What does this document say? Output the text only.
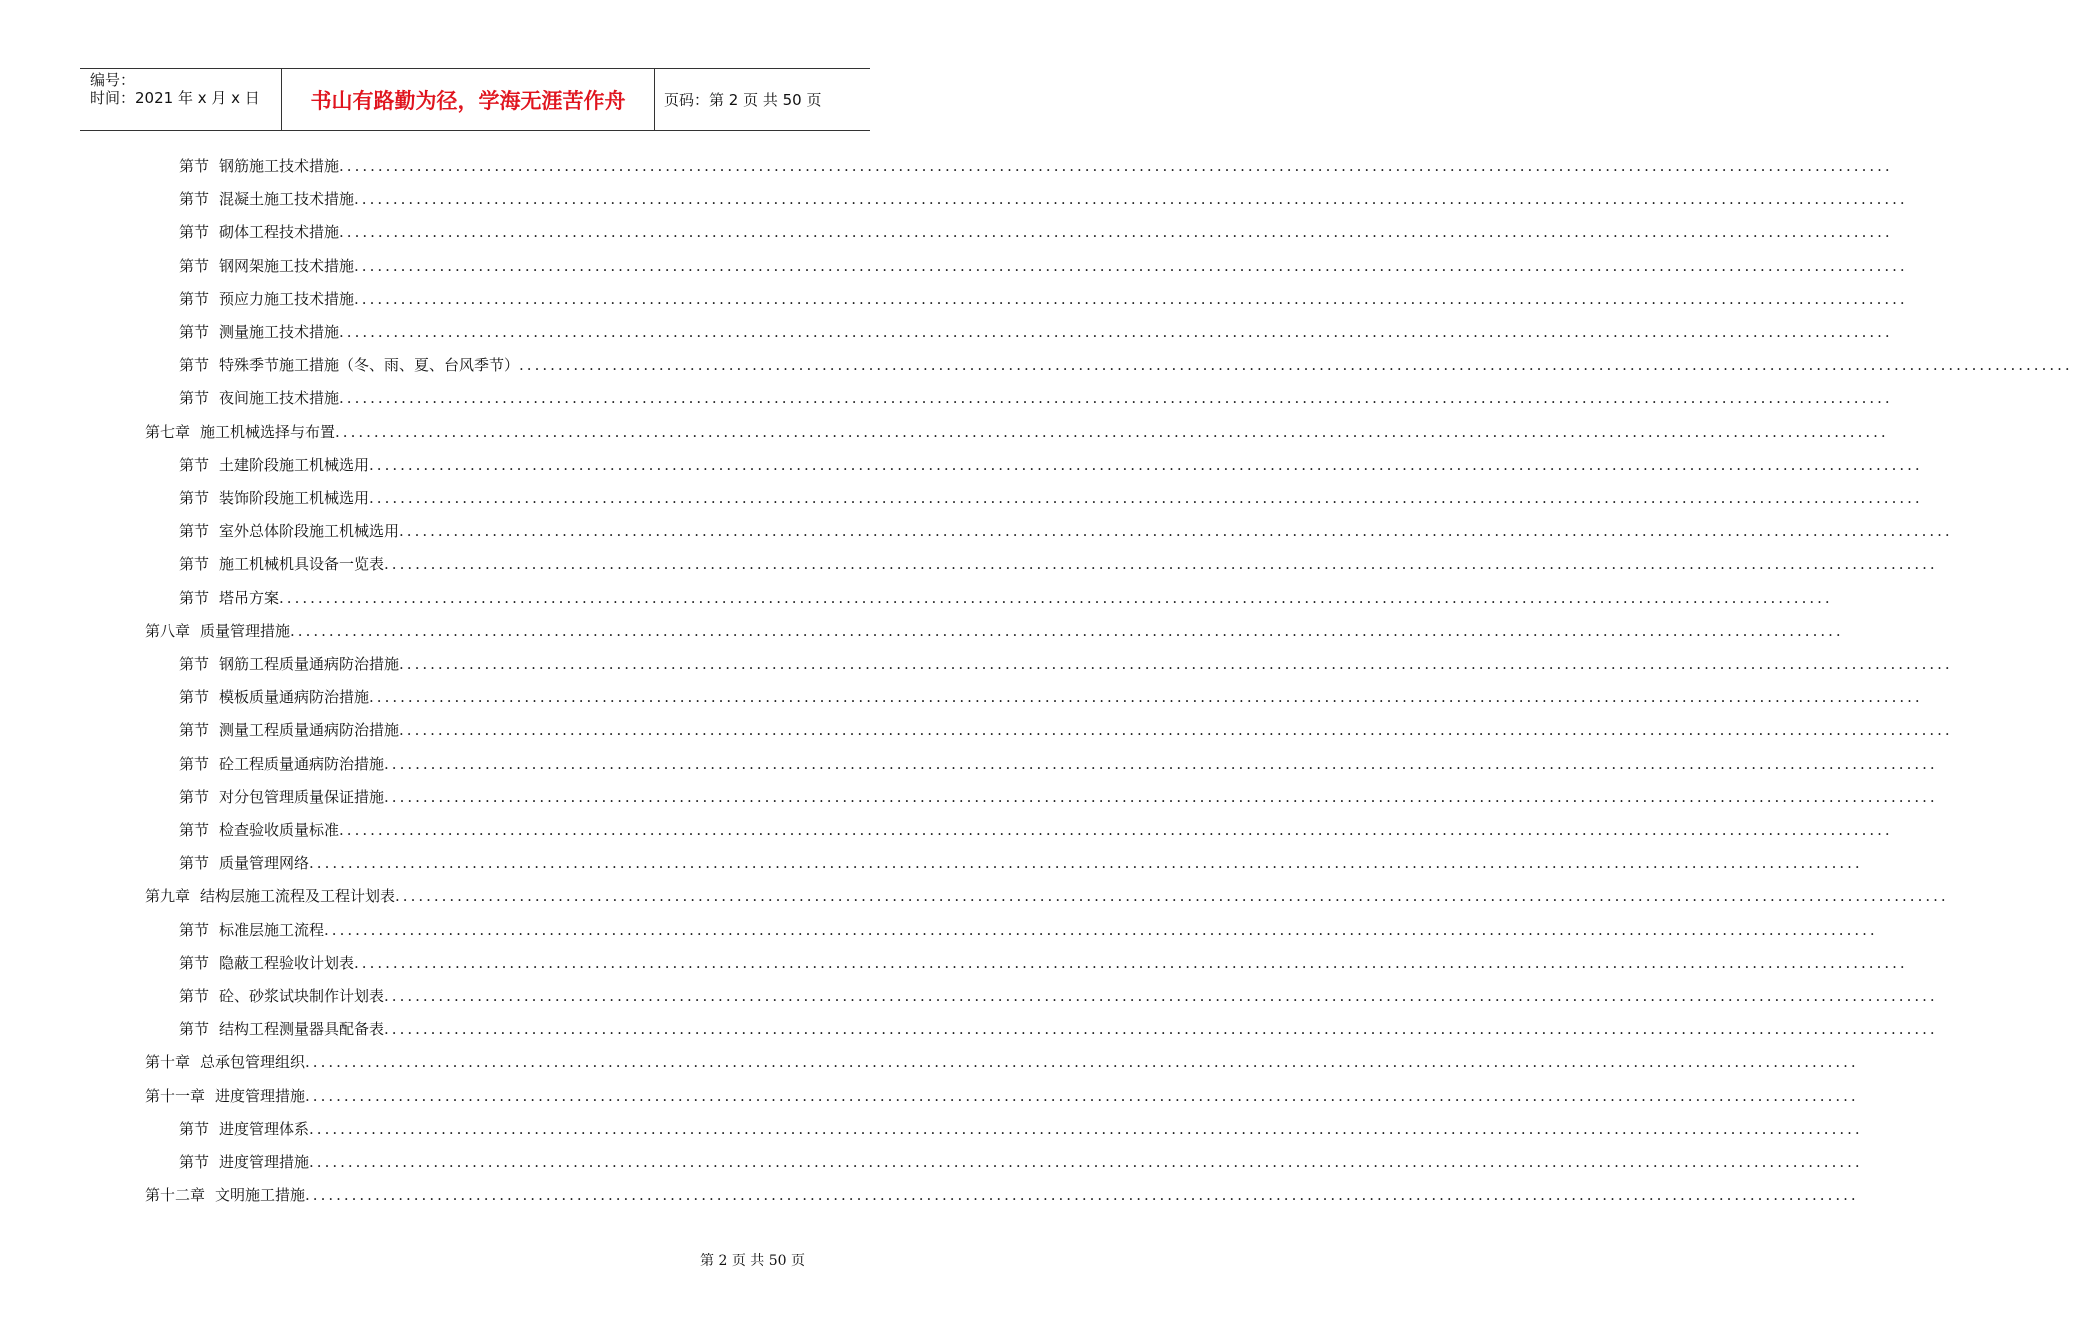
编号：
时间：2021 年 x 月 x 日	书山有路勤为径，学海无涯苦作舟	页码：第 2 页 共 50 页
第节 钢筋施工技术措施 ........................................................................................................................................................................................................
第节 混凝土施工技术措施 ........................................................................................................................................................................................................
第节 砌体工程技术措施 ........................................................................................................................................................................................................
第节 钢网架施工技术措施 ........................................................................................................................................................................................................
第节 预应力施工技术措施 ........................................................................................................................................................................................................
第节 测量施工技术措施 ........................................................................................................................................................................................................
第节 特殊季节施工措施（冬、雨、夏、台风季节） ........................................................................................................................................................................................................
第节 夜间施工技术措施 ........................................................................................................................................................................................................
第七章 施工机械选择与布置 ........................................................................................................................................................................................................
第节 土建阶段施工机械选用 ........................................................................................................................................................................................................
第节 装饰阶段施工机械选用 ........................................................................................................................................................................................................
第节 室外总体阶段施工机械选用 ........................................................................................................................................................................................................
第节 施工机械机具设备一览表 ........................................................................................................................................................................................................
第节 塔吊方案 ........................................................................................................................................................................................................
第八章 质量管理措施 ........................................................................................................................................................................................................
第节 钢筋工程质量通病防治措施 ........................................................................................................................................................................................................
第节 模板质量通病防治措施 ........................................................................................................................................................................................................
第节 测量工程质量通病防治措施 ........................................................................................................................................................................................................
第节 砼工程质量通病防治措施 ........................................................................................................................................................................................................
第节 对分包管理质量保证措施 ........................................................................................................................................................................................................
第节 检查验收质量标准 ........................................................................................................................................................................................................
第节 质量管理网络 ........................................................................................................................................................................................................
第九章 结构层施工流程及工程计划表 ........................................................................................................................................................................................................
第节 标准层施工流程 ........................................................................................................................................................................................................
第节 隐蔽工程验收计划表 ........................................................................................................................................................................................................
第节 砼、砂浆试块制作计划表 ........................................................................................................................................................................................................
第节 结构工程测量器具配备表 ........................................................................................................................................................................................................
第十章 总承包管理组织 ........................................................................................................................................................................................................
第十一章 进度管理措施 ........................................................................................................................................................................................................
第节 进度管理体系 ........................................................................................................................................................................................................
第节 进度管理措施 ........................................................................................................................................................................................................
第十二章 文明施工措施 ........................................................................................................................................................................................................
第 2 页 共 50 页
